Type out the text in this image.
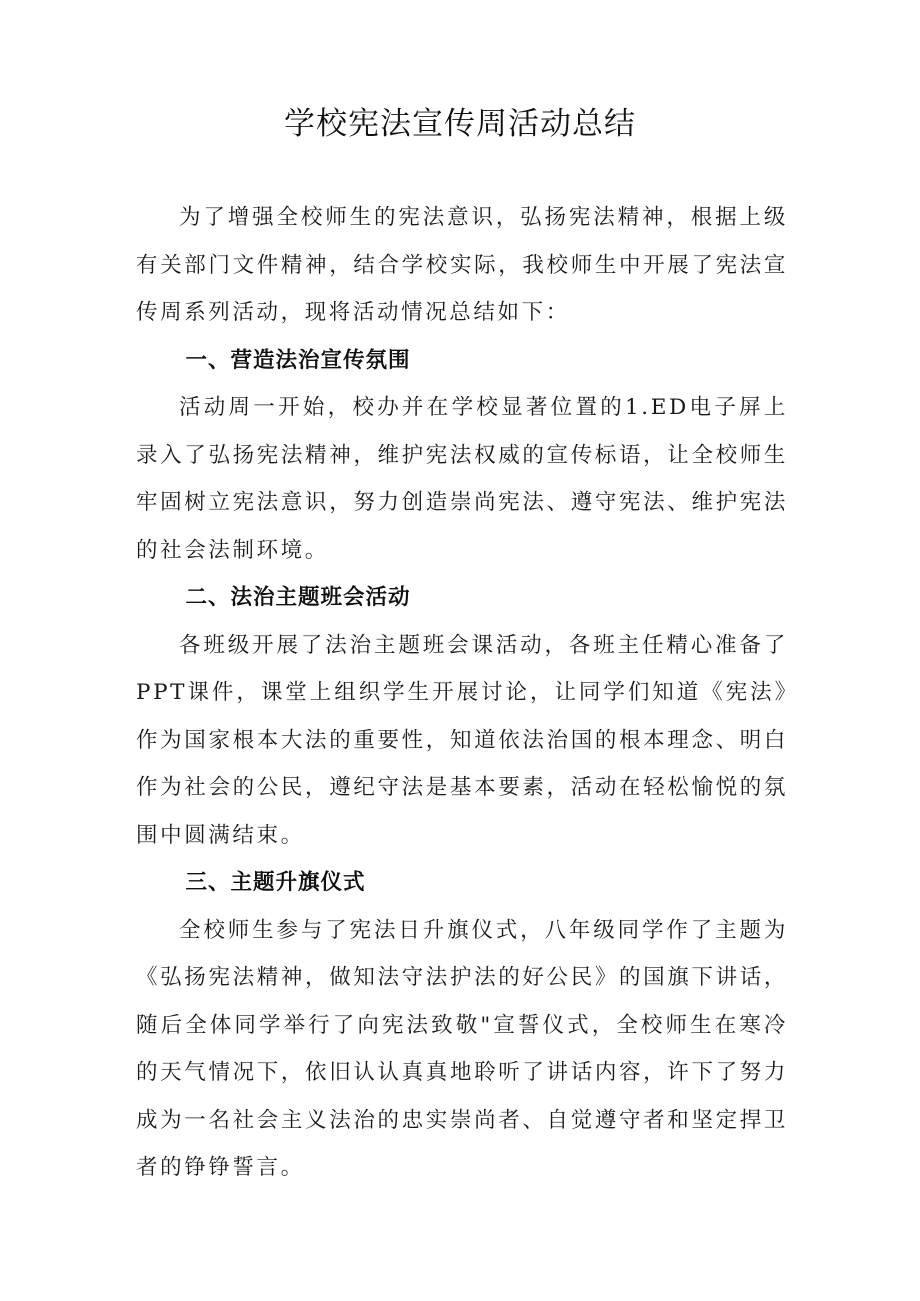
学校宪法宣传周活动总结

为了增强全校师生的宪法意识，弘扬宪法精神，根据上级有关部门文件精神，结合学校实际，我校师生中开展了宪法宣传周系列活动，现将活动情况总结如下：

一、营造法治宣传氛围

活动周一开始，校办并在学校显著位置的1.ED电子屏上录入了弘扬宪法精神，维护宪法权威的宣传标语，让全校师生牢固树立宪法意识，努力创造崇尚宪法、遵守宪法、维护宪法的社会法制环境。

二、法治主题班会活动

各班级开展了法治主题班会课活动，各班主任精心准备了PPT课件，课堂上组织学生开展讨论，让同学们知道《宪法》作为国家根本大法的重要性，知道依法治国的根本理念、明白作为社会的公民，遵纪守法是基本要素，活动在轻松愉悦的氛围中圆满结束。

三、主题升旗仪式

全校师生参与了宪法日升旗仪式，八年级同学作了主题为《弘扬宪法精神，做知法守法护法的好公民》的国旗下讲话，随后全体同学举行了向宪法致敬"宣誓仪式，全校师生在寒冷的天气情况下，依旧认认真真地聆听了讲话内容，许下了努力成为一名社会主义法治的忠实崇尚者、自觉遵守者和坚定捍卫者的铮铮誓言。
